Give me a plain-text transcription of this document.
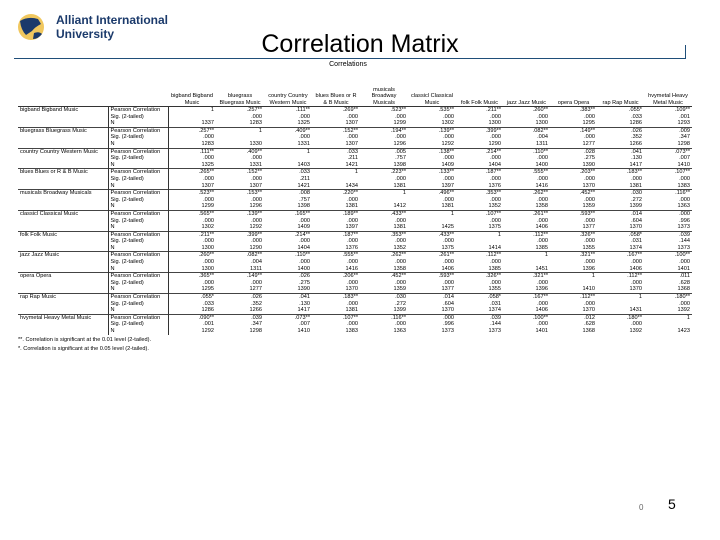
Alliant International
University	Correlation Matrix
Correlations
		bigband Bigband Music	bluegrass Bluegrass Music	country Country Western Music	blues Blues or R & B Music	musicals Broadway Musicals	classicl Classical Music	folk Folk Music	jazz Jazz Music	opera Opera	rap Rap Music	hvymetal Heavy Metal Music
bigband Bigband Music	Pearson Correlation	1	.257**	.111**	.269**	.523**	.535**	.211**	.260**	.383**	.055*	.109**
	Sig. (2-tailed)		.000	.000	.000	.000	.000	.000	.000	.000	.033	.001
	N	1337	1283	1325	1307	1299	1302	1300	1300	1295	1286	1293
bluegrass Bluegrass Music	Pearson Correlation	.257**	1	.409**	.152**	.194**	.139**	.399**	.082**	.149**	.026	.009
	Sig. (2-tailed)	.000		.000	.000	.000	.000	.000	.004	.000	.352	.347
	N	1283	1330	1331	1307	1296	1292	1290	1311	1277	1266	1298
country Country Western Music	Pearson Correlation	.111**	.409**	1	.033	.005	.138**	.214**	.110**	.028	.041	.073**
	Sig. (2-tailed)	.000	.000		.211	.757	.000	.000	.000	.275	.130	.007
	N	1325	1331	1403	1421	1398	1409	1404	1400	1390	1417	1410
blues Blues or R & B Music	Pearson Correlation	.265**	.152**	.033	1	.223**	.133**	.187**	.555**	.203**	.183**	.107**
	Sig. (2-tailed)	.000	.000	.211		.000	.000	.000	.000	.000	.000	.000
	N	1307	1307	1421	1434	1381	1397	1376	1416	1370	1381	1383
musicals Broadway Musicals	Pearson Correlation	.523**	.153**	.008	.220**	1	.496**	.353**	.262**	.452**	.030	.116**
	Sig. (2-tailed)	.000	.000	.757	.000		.000	.000	.000	.000	.272	.000
	N	1299	1296	1398	1381	1412	1381	1352	1358	1359	1399	1363
classicl Classical Music	Pearson Correlation	.565**	.139**	.165**	.189**	.433**	1	.107**	.261**	.593**	.014	.000
	Sig. (2-tailed)	.000	.000	.000	.000	.000		.000	.000	.000	.604	.996
	N	1302	1292	1409	1397	1381	1425	1375	1406	1377	1370	1373
folk Folk Music	Pearson Correlation	.211**	.399**	.214**	.187**	.353**	.433**	1	.112**	.326**	.058*	.039
	Sig. (2-tailed)	.000	.000	.000	.000	.000	.000		.000	.000	.031	.144
	N	1300	1290	1404	1376	1352	1375	1414	1385	1355	1374	1373
jazz Jazz Music	Pearson Correlation	.260**	.082**	.110**	.555**	.262**	.261**	.112**	1	.321**	.167**	.100**
	Sig. (2-tailed)	.000	.004	.000	.000	.000	.000	.000		.000	.000	.000
	N	1300	1311	1400	1416	1358	1406	1385	1451	1396	1406	1401
opera Opera	Pearson Correlation	.365**	.149**	.026	.206**	.452**	.593**	.326**	.321**	1	.112**	.011
	Sig. (2-tailed)	.000	.000	.275	.000	.000	.000	.000	.000		.000	.628
	N	1295	1277	1390	1370	1359	1377	1355	1396	1410	1370	1368
rap Rap Music	Pearson Correlation	.055*	.026	.041	.183**	.030	.014	.058*	.167**	.112**	1	.180**
	Sig. (2-tailed)	.033	.352	.130	.000	.272	.604	.031	.000	.000		.000
	N	1286	1266	1417	1381	1399	1370	1374	1406	1370	1431	1392
hvymetal Heavy Metal Music	Pearson Correlation	.090**	.039	.073**	.107**	.116**	.000	.039	.100**	.012	.180**	1
	Sig. (2-tailed)	.001	.347	.007	.000	.000	.996	.144	.000	.628	.000	
	N	1292	1298	1410	1383	1363	1373	1373	1401	1368	1392	1423
**. Correlation is significant at the 0.01 level (2-tailed).
*. Correlation is significant at the 0.05 level (2-tailed).
0 5
